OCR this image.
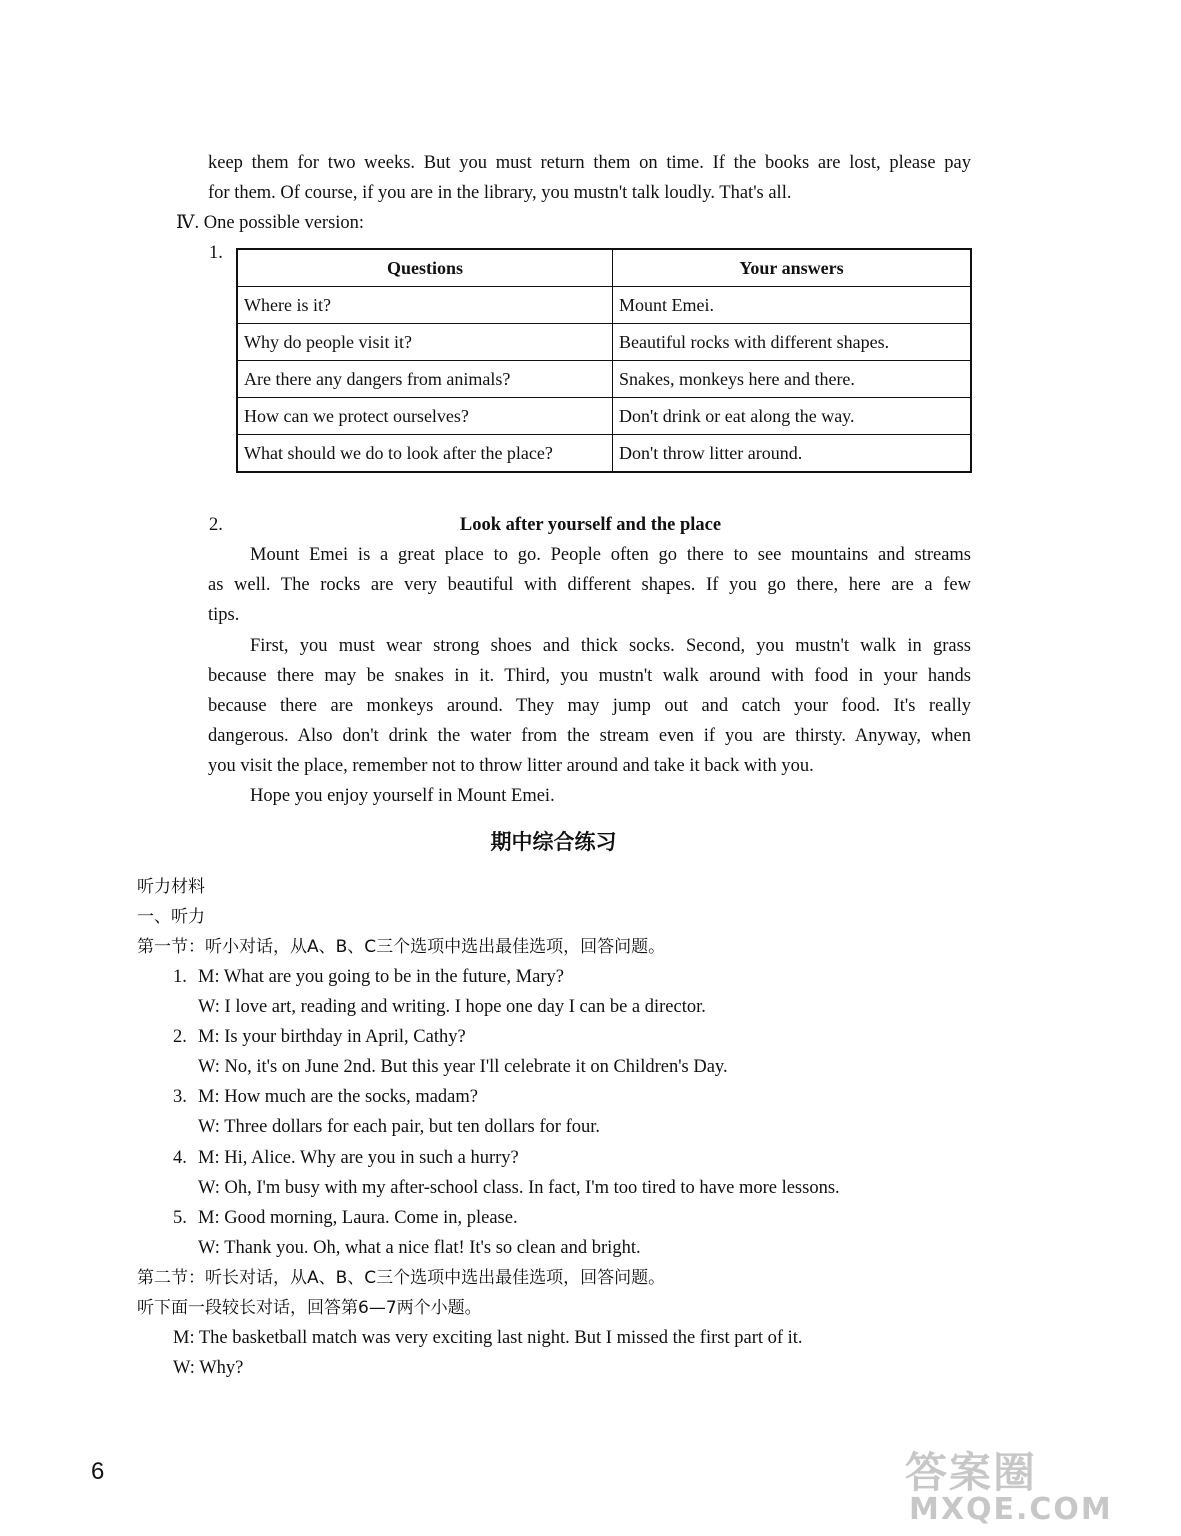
keep them for two weeks. But you must return them on time. If the books are lost, please pay
for them. Of course, if you are in the library, you mustn't talk loudly. That's all.
Ⅳ. One possible version:
1.
Questions	Your answers
Where is it?	Mount Emei.
Why do people visit it?	Beautiful rocks with different shapes.
Are there any dangers from animals?	Snakes, monkeys here and there.
How can we protect ourselves?	Don't drink or eat along the way.
What should we do to look after the place?	Don't throw litter around.
2.	Look after yourself and the place
Mount Emei is a great place to go. People often go there to see mountains and streams
as well. The rocks are very beautiful with different shapes. If you go there, here are a few
tips.
First, you must wear strong shoes and thick socks. Second, you mustn't walk in grass
because there may be snakes in it. Third, you mustn't walk around with food in your hands
because there are monkeys around. They may jump out and catch your food. It's really
dangerous. Also don't drink the water from the stream even if you are thirsty. Anyway, when
you visit the place, remember not to throw litter around and take it back with you.
Hope you enjoy yourself in Mount Emei.
期中综合练习
听力材料
一、听力
第一节：听小对话，从A、B、C三个选项中选出最佳选项，回答问题。
1. M: What are you going to be in the future, Mary?
W: I love art, reading and writing. I hope one day I can be a director.
2. M: Is your birthday in April, Cathy?
W: No, it's on June 2nd. But this year I'll celebrate it on Children's Day.
3. M: How much are the socks, madam?
W: Three dollars for each pair, but ten dollars for four.
4. M: Hi, Alice. Why are you in such a hurry?
W: Oh, I'm busy with my after-school class. In fact, I'm too tired to have more lessons.
5. M: Good morning, Laura. Come in, please.
W: Thank you. Oh, what a nice flat! It's so clean and bright.
第二节：听长对话，从A、B、C三个选项中选出最佳选项，回答问题。
听下面一段较长对话，回答第6—7两个小题。
M: The basketball match was very exciting last night. But I missed the first part of it.
W: Why?
6	答案圈
MXQE.COM
